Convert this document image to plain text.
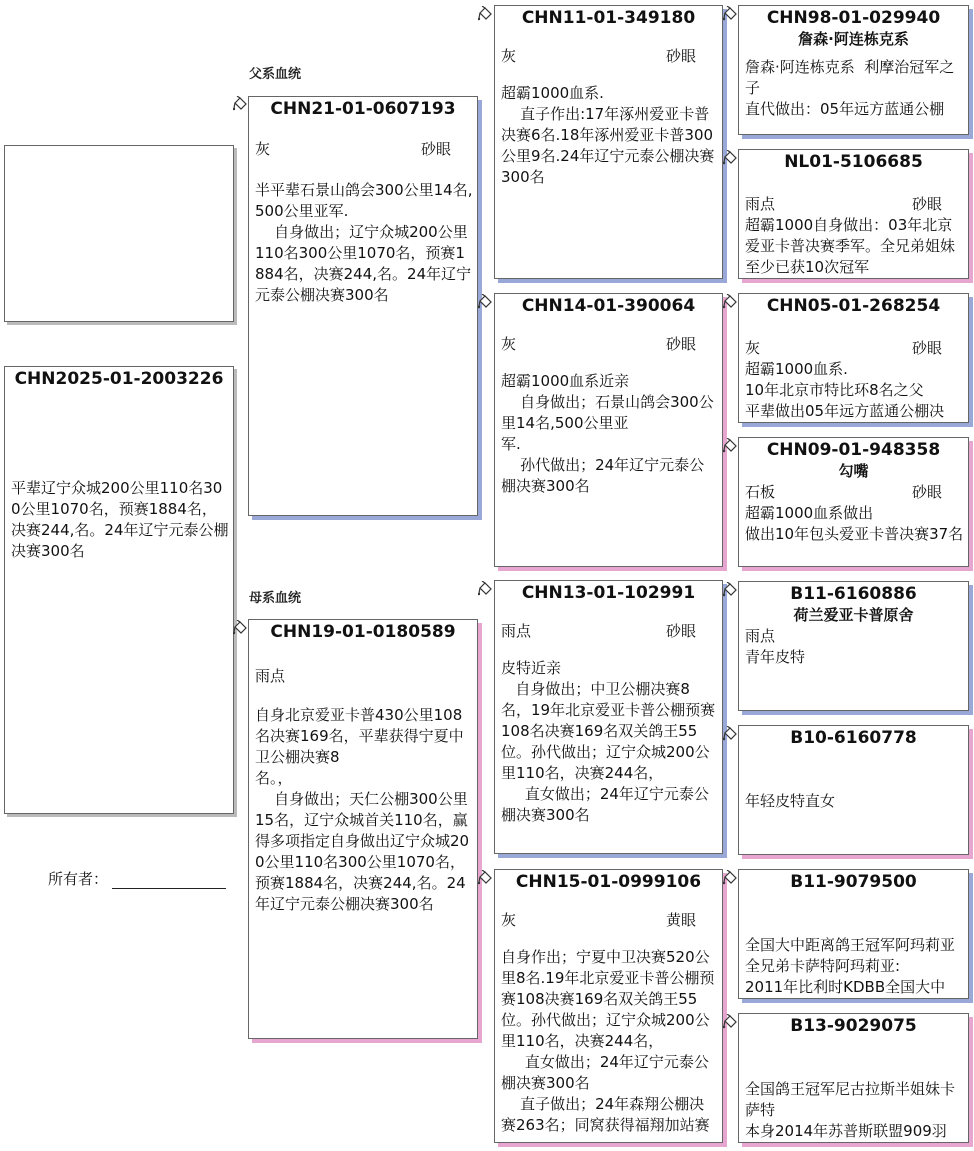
CHN2025-01-2003226
平辈辽宁众城200公里110名300公里1070名，预赛1884名，决赛244,名。24年辽宁元泰公棚决赛300名
所有者：
父系血统
母系血统
CHN21-01-0607193
灰	砂眼
半平辈石景山鸽会300公里14名,500公里亚军.
自身做出；辽宁众城200公里110名300公里1070名，预赛1884名，决赛244,名。24年辽宁元泰公棚决赛300名
CHN19-01-0180589
雨点
自身北京爱亚卡普430公里108名决赛169名，平辈获得宁夏中卫公棚决赛8
名。，
自身做出；天仁公棚300公里15名，辽宁众城首关110名，赢得多项指定自身做出辽宁众城200公里110名300公里1070名，预赛1884名，决赛244,名。24年辽宁元泰公棚决赛300名
CHN11-01-349180
灰	砂眼
超霸1000血系.
直子作出:17年涿州爱亚卡普决赛6名.18年涿州爱亚卡普300公里9名.24年辽宁元泰公棚决赛300名
CHN14-01-390064
灰	砂眼
超霸1000血系近亲
自身做出；石景山鸽会300公里14名,500公里亚
军.
孙代做出；24年辽宁元泰公棚决赛300名
CHN13-01-102991
雨点	砂眼
皮特近亲
自身做出；中卫公棚决赛8名，19年北京爱亚卡普公棚预赛108名决赛169名双关鸽王55位。孙代做出；辽宁众城200公里110名，决赛244名，
直女做出；24年辽宁元泰公棚决赛300名
CHN15-01-0999106
灰	黄眼
自身作出；宁夏中卫决赛520公里8名.19年北京爱亚卡普公棚预赛108决赛169名双关鸽王55位。孙代做出；辽宁众城200公里110名，决赛244名，
直女做出；24年辽宁元泰公棚决赛300名
直子做出；24年森翔公棚决赛263名；同窝获得福翔加站赛
CHN98-01-029940
詹森·阿连栋克系
詹森·阿连栋克系  利摩治冠军之子
直代做出：05年远方蓝通公棚
NL01-5106685
雨点	砂眼
超霸1000自身做出：03年北京爱亚卡普决赛季军。全兄弟姐妹至少已获10次冠军
CHN05-01-268254
灰	砂眼
超霸1000血系.
10年北京市特比环8名之父
平辈做出05年远方蓝通公棚决
CHN09-01-948358
勾嘴
石板	砂眼
超霸1000血系做出
做出10年包头爱亚卡普决赛37名
B11-6160886
荷兰爱亚卡普原舍
雨点
青年皮特
B10-6160778
年轻皮特直女
B11-9079500
全国大中距离鸽王冠军阿玛莉亚全兄弟卡萨特阿玛莉亚:
2011年比利时KDBB全国大中
B13-9029075
全国鸽王冠军尼古拉斯半姐妹卡萨特
本身2014年苏普斯联盟909羽
